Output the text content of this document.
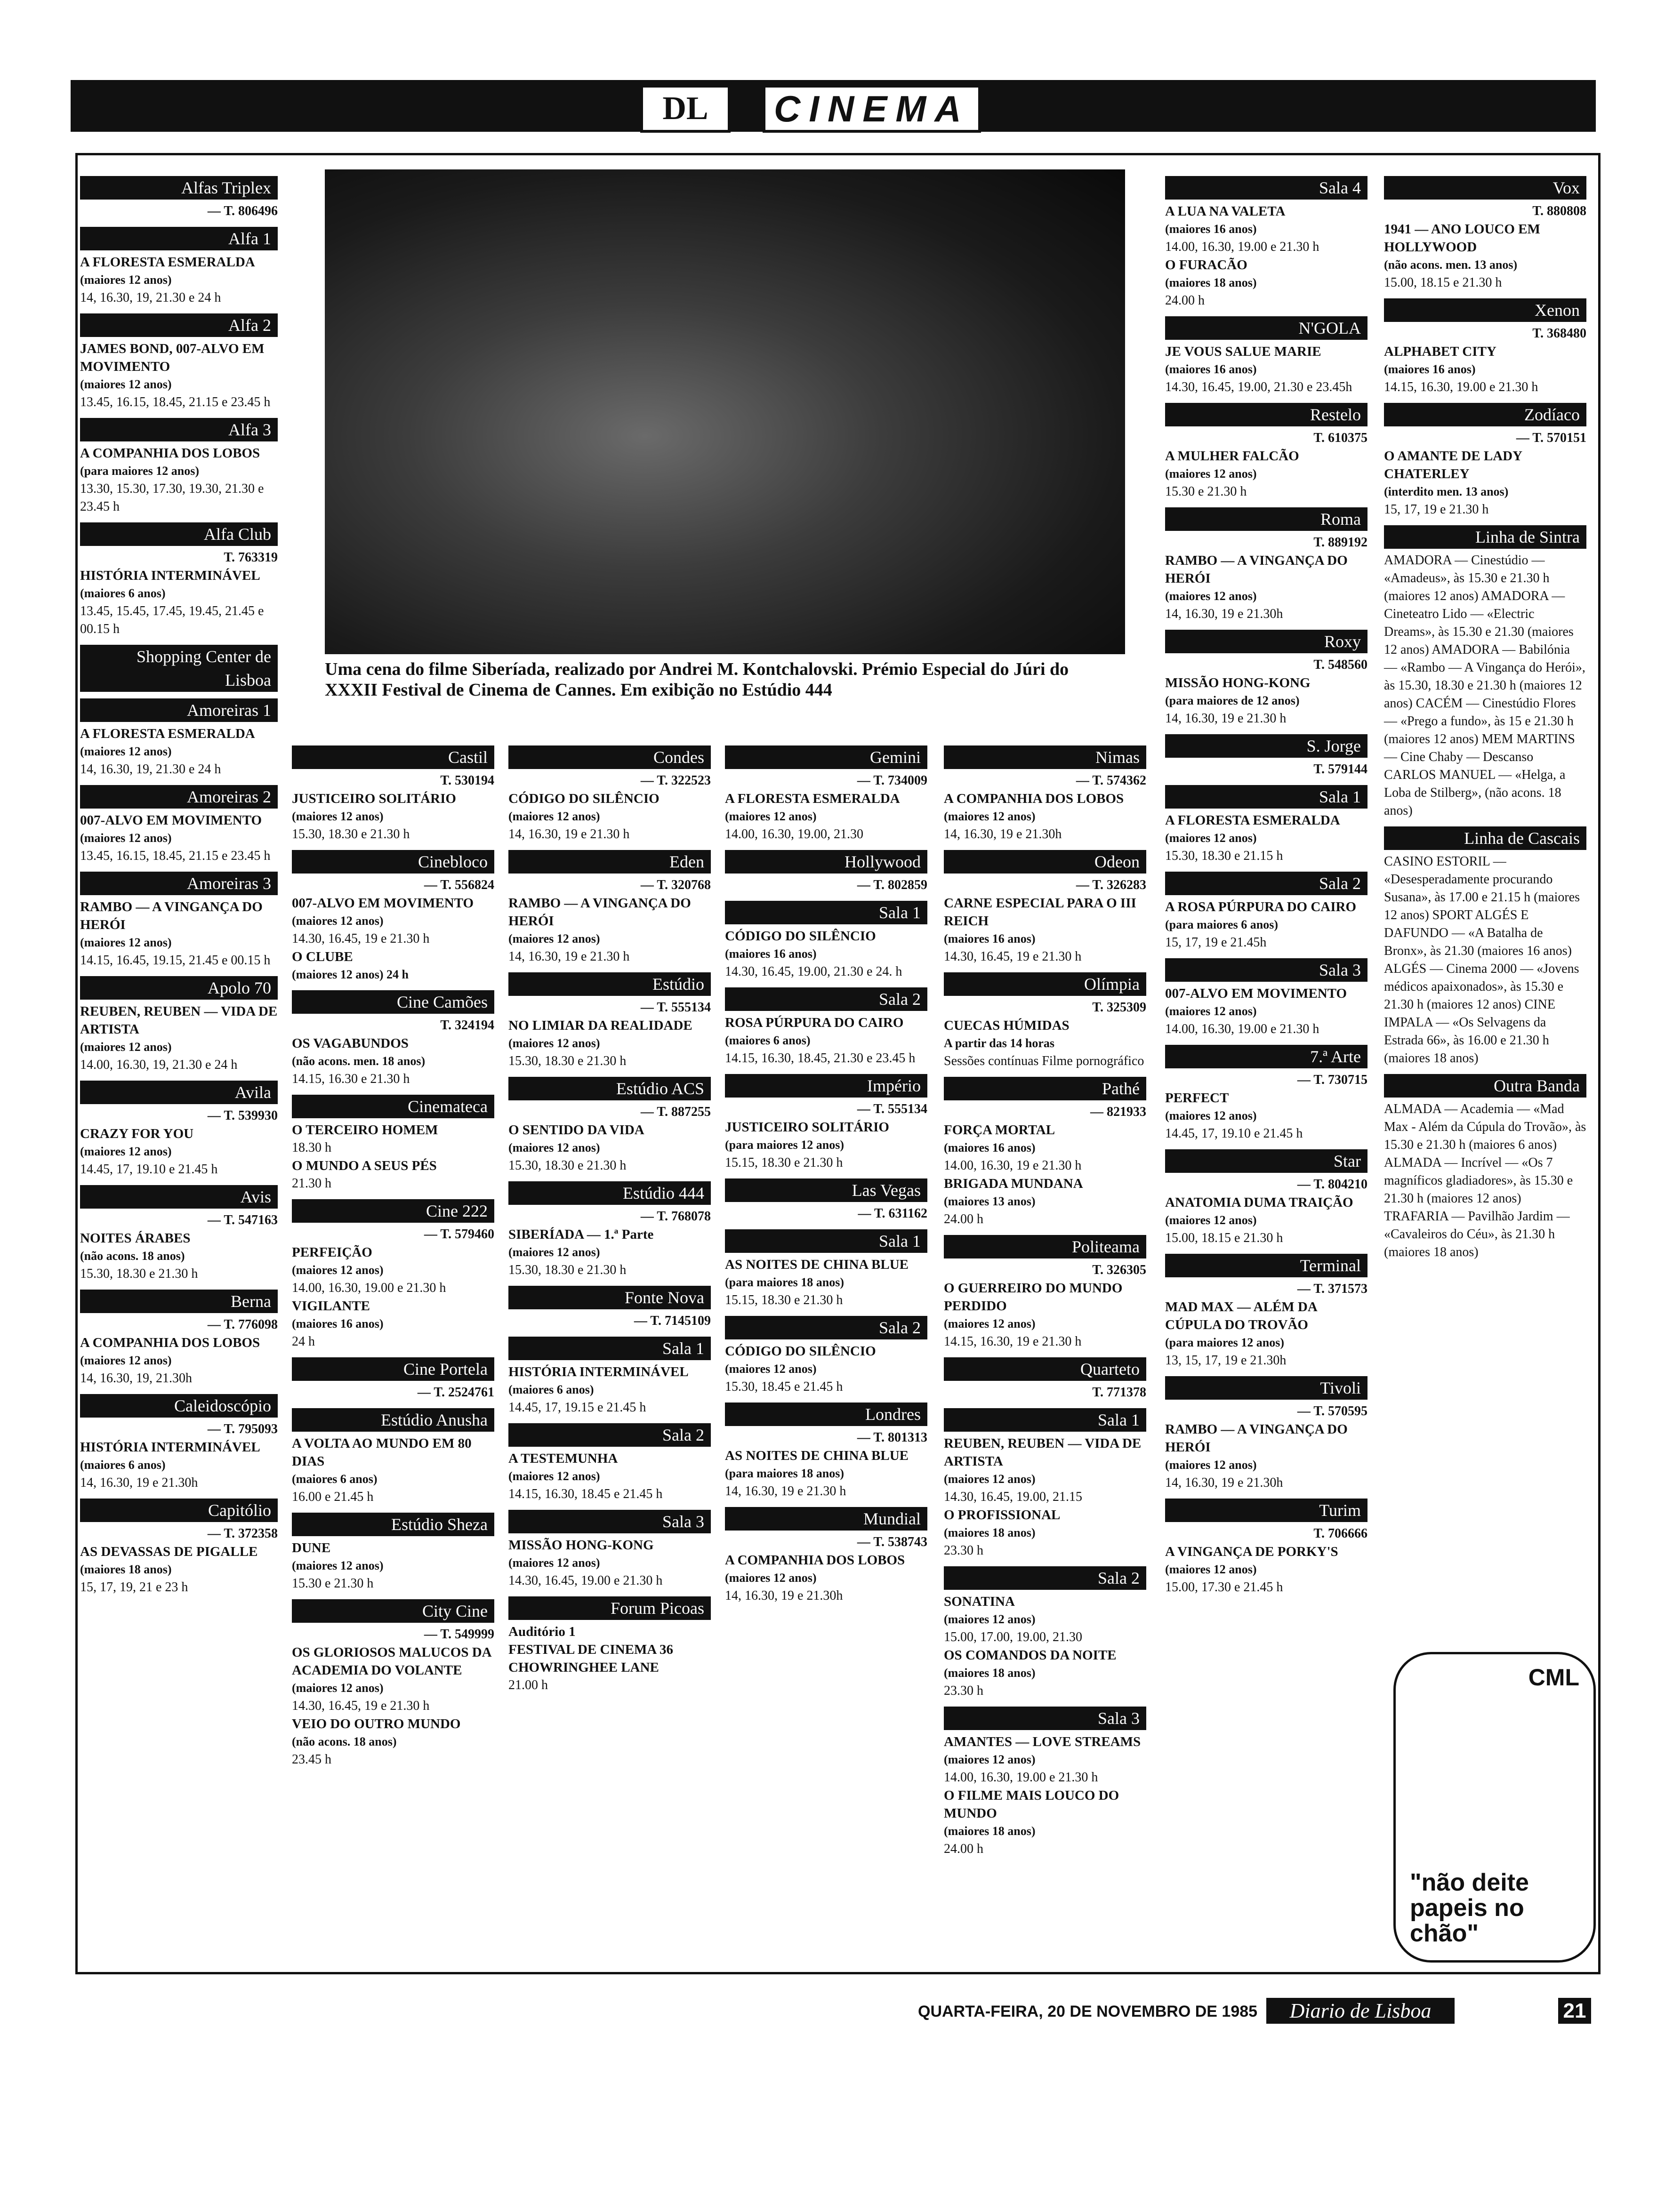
DL	CINEMA
Uma cena do filme Siberíada, realizado por Andrei M. Kontchalovski. Prémio Especial do Júri do XXXII Festival de Cinema de Cannes. Em exibição no Estúdio 444
Alfas Triplex
— T. 806496
Alfa 1
A FLORESTA ESMERALDA
(maiores 12 anos)
14, 16.30, 19, 21.30 e 24 h
Alfa 2
JAMES BOND, 007-ALVO EM MOVIMENTO
(maiores 12 anos)
13.45, 16.15, 18.45, 21.15 e 23.45 h
Alfa 3
A COMPANHIA DOS LOBOS
(para maiores 12 anos)
13.30, 15.30, 17.30, 19.30, 21.30 e 23.45 h
Alfa Club
T. 763319
HISTÓRIA INTERMINÁVEL
(maiores 6 anos)
13.45, 15.45, 17.45, 19.45, 21.45 e 00.15 h
Shopping Center de Lisboa
Amoreiras 1
A FLORESTA ESMERALDA
(maiores 12 anos)
14, 16.30, 19, 21.30 e 24 h
Amoreiras 2
007-ALVO EM MOVIMENTO
(maiores 12 anos)
13.45, 16.15, 18.45, 21.15 e 23.45 h
Amoreiras 3
RAMBO — A VINGANÇA DO HERÓI
(maiores 12 anos)
14.15, 16.45, 19.15, 21.45 e 00.15 h
Apolo 70
REUBEN, REUBEN — VIDA DE ARTISTA
(maiores 12 anos)
14.00, 16.30, 19, 21.30 e 24 h
Avila
— T. 539930
CRAZY FOR YOU
(maiores 12 anos)
14.45, 17, 19.10 e 21.45 h
Avis
— T. 547163
NOITES ÁRABES
(não acons. 18 anos)
15.30, 18.30 e 21.30 h
Berna
— T. 776098
A COMPANHIA DOS LOBOS
(maiores 12 anos)
14, 16.30, 19, 21.30h
Caleidoscópio
— T. 795093
HISTÓRIA INTERMINÁVEL
(maiores 6 anos)
14, 16.30, 19 e 21.30h
Capitólio
— T. 372358
AS DEVASSAS DE PIGALLE
(maiores 18 anos)
15, 17, 19, 21 e 23 h
Castil
T. 530194
JUSTICEIRO SOLITÁRIO
(maiores 12 anos)
15.30, 18.30 e 21.30 h
Cinebloco
— T. 556824
007-ALVO EM MOVIMENTO
(maiores 12 anos)
14.30, 16.45, 19 e 21.30 h
O CLUBE
(maiores 12 anos) 24 h
Cine Camões
T. 324194
OS VAGABUNDOS
(não acons. men. 18 anos)
14.15, 16.30 e 21.30 h
Cinemateca
O TERCEIRO HOMEM
18.30 h
O MUNDO A SEUS PÉS
21.30 h
Cine 222
— T. 579460
PERFEIÇÃO
(maiores 12 anos)
14.00, 16.30, 19.00 e 21.30 h
VIGILANTE
(maiores 16 anos)
24 h
Cine Portela
— T. 2524761
Estúdio Anusha
A VOLTA AO MUNDO EM 80 DIAS
(maiores 6 anos)
16.00 e 21.45 h
Estúdio Sheza
DUNE
(maiores 12 anos)
15.30 e 21.30 h
City Cine
— T. 549999
OS GLORIOSOS MALUCOS DA ACADEMIA DO VOLANTE
(maiores 12 anos)
14.30, 16.45, 19 e 21.30 h
VEIO DO OUTRO MUNDO
(não acons. 18 anos)
23.45 h
Condes
— T. 322523
CÓDIGO DO SILÊNCIO
(maiores 12 anos)
14, 16.30, 19 e 21.30 h
Eden
— T. 320768
RAMBO — A VINGANÇA DO HERÓI
(maiores 12 anos)
14, 16.30, 19 e 21.30 h
Estúdio
— T. 555134
NO LIMIAR DA REALIDADE
(maiores 12 anos)
15.30, 18.30 e 21.30 h
Estúdio ACS
— T. 887255
O SENTIDO DA VIDA
(maiores 12 anos)
15.30, 18.30 e 21.30 h
Estúdio 444
— T. 768078
SIBERÍADA — 1.ª Parte
(maiores 12 anos)
15.30, 18.30 e 21.30 h
Fonte Nova
— T. 7145109
Sala 1
HISTÓRIA INTERMINÁVEL
(maiores 6 anos)
14.45, 17, 19.15 e 21.45 h
Sala 2
A TESTEMUNHA
(maiores 12 anos)
14.15, 16.30, 18.45 e 21.45 h
Sala 3
MISSÃO HONG-KONG
(maiores 12 anos)
14.30, 16.45, 19.00 e 21.30 h
Forum Picoas
Auditório 1
FESTIVAL DE CINEMA 36 CHOWRINGHEE LANE
21.00 h
Gemini
— T. 734009
A FLORESTA ESMERALDA
(maiores 12 anos)
14.00, 16.30, 19.00, 21.30
Hollywood
— T. 802859
Sala 1
CÓDIGO DO SILÊNCIO
(maiores 16 anos)
14.30, 16.45, 19.00, 21.30 e 24. h
Sala 2
ROSA PÚRPURA DO CAIRO
(maiores 6 anos)
14.15, 16.30, 18.45, 21.30 e 23.45 h
Império
— T. 555134
JUSTICEIRO SOLITÁRIO
(para maiores 12 anos)
15.15, 18.30 e 21.30 h
Las Vegas
— T. 631162
Sala 1
AS NOITES DE CHINA BLUE
(para maiores 18 anos)
15.15, 18.30 e 21.30 h
Sala 2
CÓDIGO DO SILÊNCIO
(maiores 12 anos)
15.30, 18.45 e 21.45 h
Londres
— T. 801313
AS NOITES DE CHINA BLUE
(para maiores 18 anos)
14, 16.30, 19 e 21.30 h
Mundial
— T. 538743
A COMPANHIA DOS LOBOS
(maiores 12 anos)
14, 16.30, 19 e 21.30h
Nimas
— T. 574362
A COMPANHIA DOS LOBOS
(maiores 12 anos)
14, 16.30, 19 e 21.30h
Odeon
— T. 326283
CARNE ESPECIAL PARA O III REICH
(maiores 16 anos)
14.30, 16.45, 19 e 21.30 h
Olímpia
T. 325309
CUECAS HÚMIDAS
A partir das 14 horas
Sessões contínuas Filme pornográfico
Pathé
— 821933
FORÇA MORTAL
(maiores 16 anos)
14.00, 16.30, 19 e 21.30 h
BRIGADA MUNDANA
(maiores 13 anos)
24.00 h
Politeama
T. 326305
O GUERREIRO DO MUNDO PERDIDO
(maiores 12 anos)
14.15, 16.30, 19 e 21.30 h
Quarteto
T. 771378
Sala 1
REUBEN, REUBEN — VIDA DE ARTISTA
(maiores 12 anos)
14.30, 16.45, 19.00, 21.15
O PROFISSIONAL
(maiores 18 anos)
23.30 h
Sala 2
SONATINA
(maiores 12 anos)
15.00, 17.00, 19.00, 21.30
OS COMANDOS DA NOITE
(maiores 18 anos)
23.30 h
Sala 3
AMANTES — LOVE STREAMS
(maiores 12 anos)
14.00, 16.30, 19.00 e 21.30 h
O FILME MAIS LOUCO DO MUNDO
(maiores 18 anos)
24.00 h
Sala 4
A LUA NA VALETA
(maiores 16 anos)
14.00, 16.30, 19.00 e 21.30 h
O FURACÃO
(maiores 18 anos)
24.00 h
N'GOLA
JE VOUS SALUE MARIE
(maiores 16 anos)
14.30, 16.45, 19.00, 21.30 e 23.45h
Restelo
T. 610375
A MULHER FALCÃO
(maiores 12 anos)
15.30 e 21.30 h
Roma
T. 889192
RAMBO — A VINGANÇA DO HERÓI
(maiores 12 anos)
14, 16.30, 19 e 21.30h
Roxy
T. 548560
MISSÃO HONG-KONG
(para maiores de 12 anos)
14, 16.30, 19 e 21.30 h
S. Jorge
T. 579144
Sala 1
A FLORESTA ESMERALDA
(maiores 12 anos)
15.30, 18.30 e 21.15 h
Sala 2
A ROSA PÚRPURA DO CAIRO
(para maiores 6 anos)
15, 17, 19 e 21.45h
Sala 3
007-ALVO EM MOVIMENTO
(maiores 12 anos)
14.00, 16.30, 19.00 e 21.30 h
7.ª Arte
— T. 730715
PERFECT
(maiores 12 anos)
14.45, 17, 19.10 e 21.45 h
Star
— T. 804210
ANATOMIA DUMA TRAIÇÃO
(maiores 12 anos)
15.00, 18.15 e 21.30 h
Terminal
— T. 371573
MAD MAX — ALÉM DA CÚPULA DO TROVÃO
(para maiores 12 anos)
13, 15, 17, 19 e 21.30h
Tivoli
— T. 570595
RAMBO — A VINGANÇA DO HERÓI
(maiores 12 anos)
14, 16.30, 19 e 21.30h
Turim
T. 706666
A VINGANÇA DE PORKY'S
(maiores 12 anos)
15.00, 17.30 e 21.45 h
Vox
T. 880808
1941 — ANO LOUCO EM HOLLYWOOD
(não acons. men. 13 anos)
15.00, 18.15 e 21.30 h
Xenon
T. 368480
ALPHABET CITY
(maiores 16 anos)
14.15, 16.30, 19.00 e 21.30 h
Zodíaco
— T. 570151
O AMANTE DE LADY CHATERLEY
(interdito men. 13 anos)
15, 17, 19 e 21.30 h
Linha de Sintra
AMADORA — Cinestúdio — «Amadeus», às 15.30 e 21.30 h (maiores 12 anos) AMADORA — Cineteatro Lido — «Electric Dreams», às 15.30 e 21.30 (maiores 12 anos) AMADORA — Babilónia — «Rambo — A Vingança do Herói», às 15.30, 18.30 e 21.30 h (maiores 12 anos) CACÉM — Cinestúdio Flores — «Prego a fundo», às 15 e 21.30 h (maiores 12 anos) MEM MARTINS — Cine Chaby — Descanso CARLOS MANUEL — «Helga, a Loba de Stilberg», (não acons. 18 anos)
Linha de Cascais
CASINO ESTORIL — «Desesperadamente procurando Susana», às 17.00 e 21.15 h (maiores 12 anos) SPORT ALGÉS E DAFUNDO — «A Batalha de Bronx», às 21.30 (maiores 16 anos) ALGÉS — Cinema 2000 — «Jovens médicos apaixonados», às 15.30 e 21.30 h (maiores 12 anos) CINE IMPALA — «Os Selvagens da Estrada 66», às 16.00 e 21.30 h (maiores 18 anos)
Outra Banda
ALMADA — Academia — «Mad Max - Além da Cúpula do Trovão», às 15.30 e 21.30 h (maiores 6 anos) ALMADA — Incrível — «Os 7 magníficos gladiadores», às 15.30 e 21.30 h (maiores 12 anos) TRAFARIA — Pavilhão Jardim — «Cavaleiros do Céu», às 21.30 h (maiores 18 anos)
CML
"não deite papeis no chão"
QUARTA-FEIRA, 20 DE NOVEMBRO DE 1985	Diario de Lisboa	21
